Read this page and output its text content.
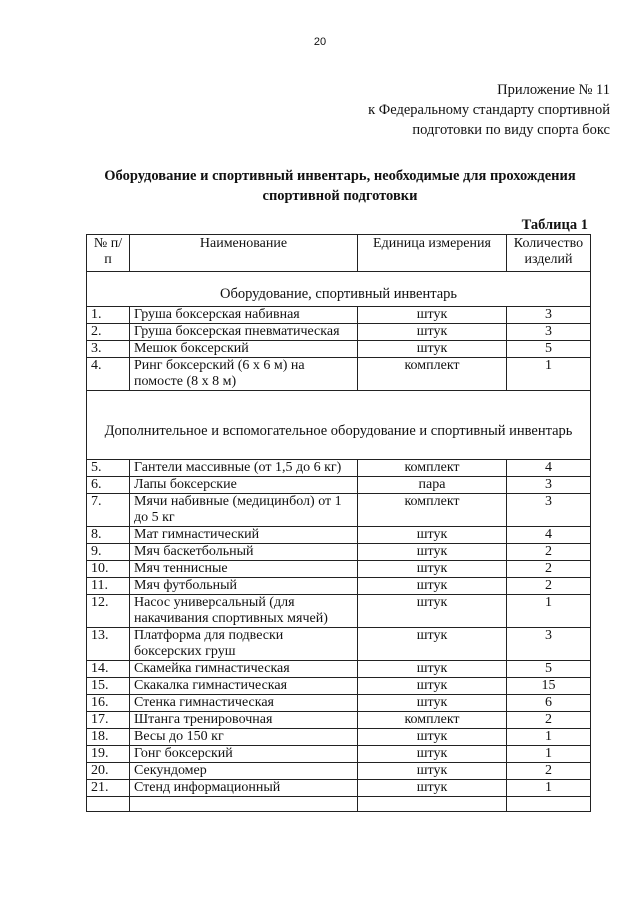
20
Приложение № 11
к Федеральному стандарту спортивной
подготовки по виду спорта бокс
Оборудование и спортивный инвентарь, необходимые для прохождения
спортивной подготовки
Таблица 1
№ п/п	Наименование	Единица измерения	Количество изделий
Оборудование, спортивный инвентарь			
1.	Груша боксерская набивная	штук	3
2.	Груша боксерская пневматическая	штук	3
3.	Мешок боксерский	штук	5
4.	Ринг боксерский (6 х 6 м) на помосте (8 х 8 м)	комплект	1
Дополнительное и вспомогательное оборудование и спортивный инвентарь			
5.	Гантели массивные (от 1,5 до 6 кг)	комплект	4
6.	Лапы боксерские	пара	3
7.	Мячи набивные (медицинбол) от 1 до 5 кг	комплект	3
8.	Мат гимнастический	штук	4
9.	Мяч баскетбольный	штук	2
10.	Мяч теннисные	штук	2
11.	Мяч футбольный	штук	2
12.	Насос универсальный (для накачивания спортивных мячей)	штук	1
13.	Платформа для подвески боксерских груш	штук	3
14.	Скамейка гимнастическая	штук	5
15.	Скакалка гимнастическая	штук	15
16.	Стенка гимнастическая	штук	6
17.	Штанга тренировочная	комплект	2
18.	Весы до 150 кг	штук	1
19.	Гонг боксерский	штук	1
20.	Секундомер	штук	2
21.	Стенд информационный	штук	1
